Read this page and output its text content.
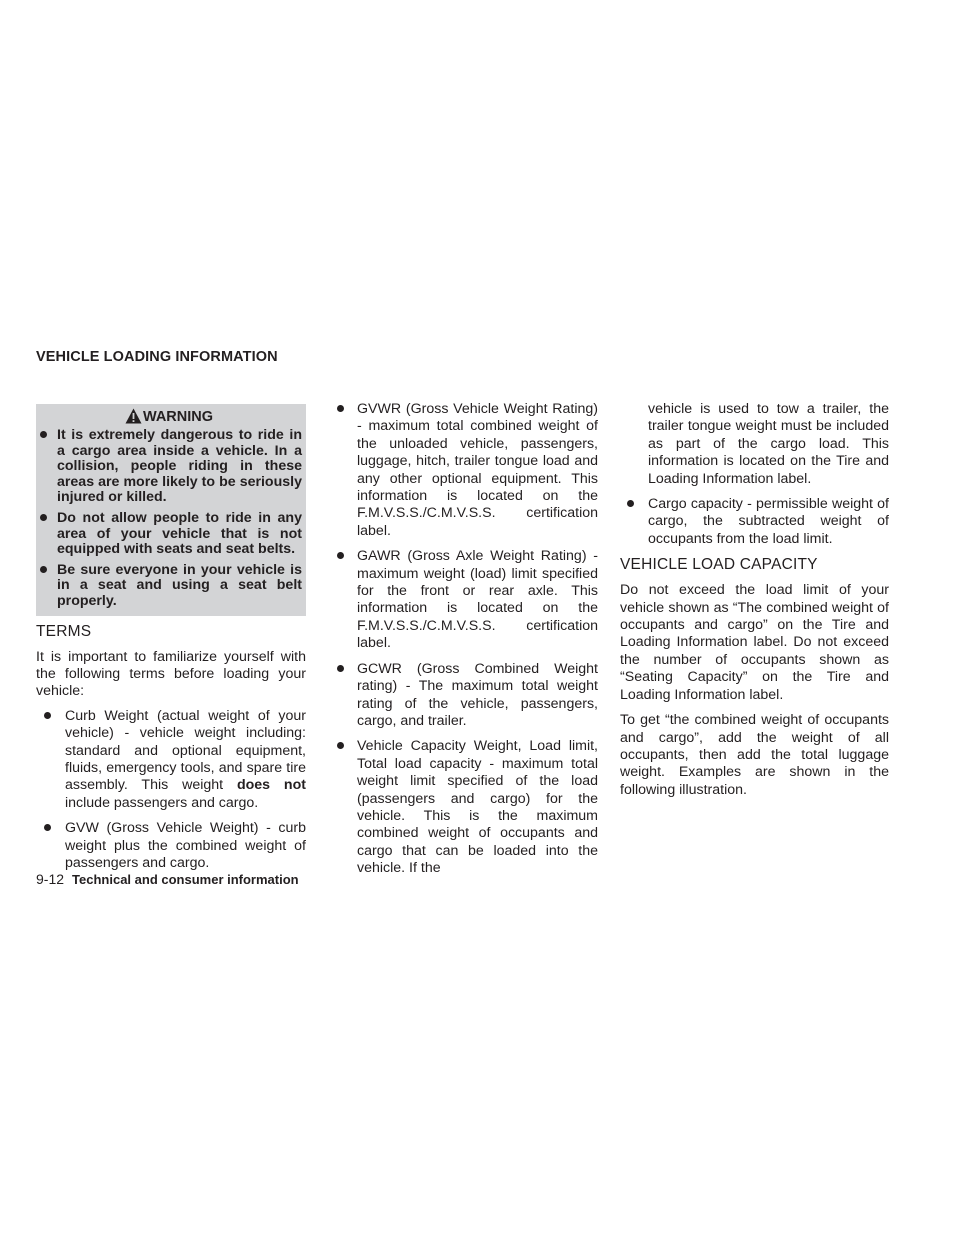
VEHICLE LOADING INFORMATION
WARNING
It is extremely dangerous to ride in a cargo area inside a vehicle. In a collision, people riding in these areas are more likely to be seriously injured or killed.
Do not allow people to ride in any area of your vehicle that is not equipped with seats and seat belts.
Be sure everyone in your vehicle is in a seat and using a seat belt properly.
TERMS

It is important to familiarize yourself with the following terms before loading your vehicle:

Curb Weight (actual weight of your vehicle) - vehicle weight including: standard and optional equipment, fluids, emergency tools, and spare tire assembly. This weight does not include passengers and cargo.
GVW (Gross Vehicle Weight) - curb weight plus the combined weight of passengers and cargo.
GVWR (Gross Vehicle Weight Rating) - maximum total combined weight of the unloaded vehicle, passengers, luggage, hitch, trailer tongue load and any other optional equipment. This information is located on the F.M.V.S.S./C.M.V.S.S. certification label.
GAWR (Gross Axle Weight Rating) - maximum weight (load) limit specified for the front or rear axle. This information is located on the F.M.V.S.S./C.M.V.S.S. certification label.
GCWR (Gross Combined Weight rating) - The maximum total weight rating of the vehicle, passengers, cargo, and trailer.
Vehicle Capacity Weight, Load limit, Total load capacity - maximum total weight limit specified of the load (passengers and cargo) for the vehicle. This is the maximum combined weight of occupants and cargo that can be loaded into the vehicle. If the

vehicle is used to tow a trailer, the trailer tongue weight must be included as part of the cargo load. This information is located on the Tire and Loading Information label.

Cargo capacity - permissible weight of cargo, the subtracted weight of occupants from the load limit.
VEHICLE LOAD CAPACITY

Do not exceed the load limit of your vehicle shown as “The combined weight of occupants and cargo” on the Tire and Loading Information label. Do not exceed the number of occupants shown as “Seating Capacity” on the Tire and Loading Information label.

To get “the combined weight of occupants and cargo”, add the weight of all occupants, then add the total luggage weight. Examples are shown in the following illustration.

9-12 Technical and consumer information
